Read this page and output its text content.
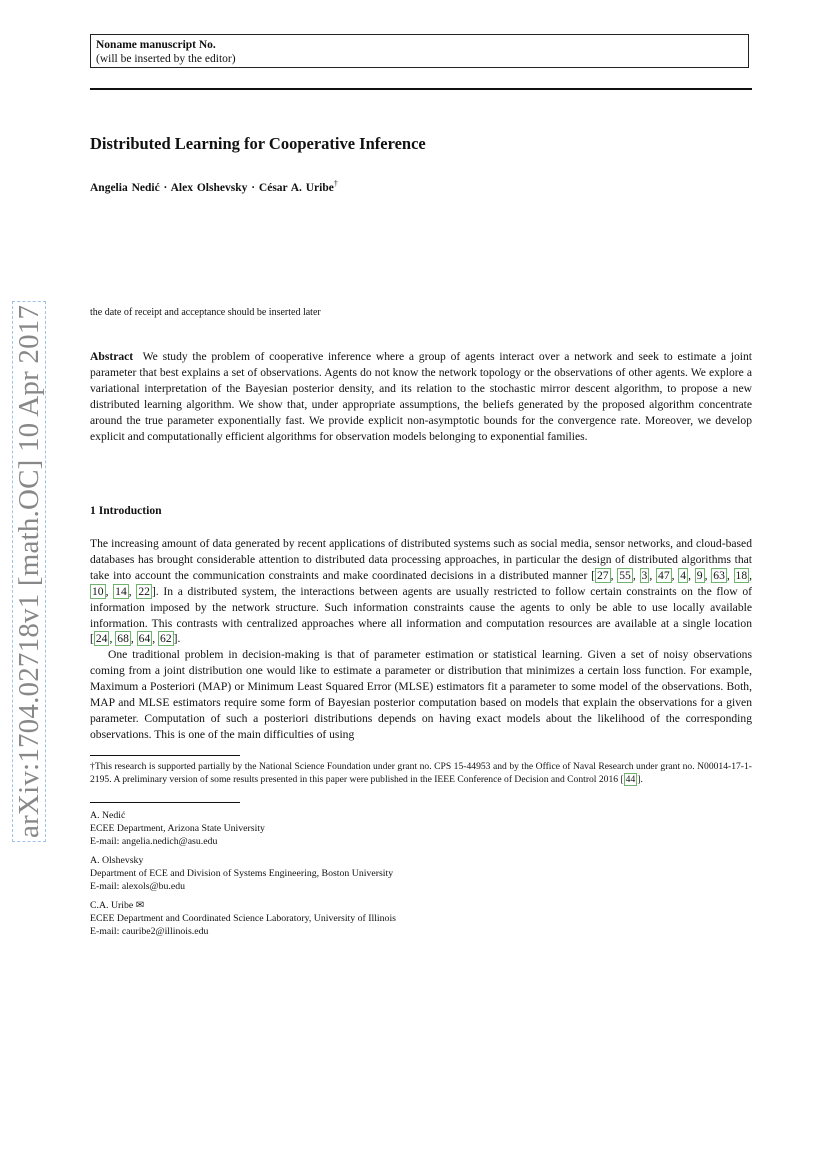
Noname manuscript No.
(will be inserted by the editor)
Distributed Learning for Cooperative Inference
Angelia Nedić · Alex Olshevsky · César A. Uribe†
arXiv:1704.02718v1 [math.OC] 10 Apr 2017	the date of receipt and acceptance should be inserted later

Abstract We study the problem of cooperative inference where a group of agents interact over a network and seek to estimate a joint parameter that best explains a set of observations. Agents do not know the network topology or the observations of other agents. We explore a variational interpretation of the Bayesian posterior density, and its relation to the stochastic mirror descent algorithm, to propose a new distributed learning algorithm. We show that, under appropriate assumptions, the beliefs generated by the proposed algorithm concentrate around the true parameter exponentially fast. We provide explicit non-asymptotic bounds for the convergence rate. Moreover, we develop explicit and computationally efficient algorithms for observation models belonging to exponential families.

1 Introduction

The increasing amount of data generated by recent applications of distributed systems such as social media, sensor networks, and cloud-based databases has brought considerable attention to distributed data processing approaches, in particular the design of distributed algorithms that take into account the communication constraints and make coordinated decisions in a distributed manner [ 27 , 55 , 3 , 47 , 4 , 9 , 63 , 18 , 10 , 14 , 22 ]. In a distributed system, the interactions between agents are usually restricted to follow certain constraints on the flow of information imposed by the network structure. Such information constraints cause the agents to only be able to use locally available information. This contrasts with centralized approaches where all information and computation resources are available at a single location [ 24 , 68 , 64 , 62 ].

One traditional problem in decision-making is that of parameter estimation or statistical learning. Given a set of noisy observations coming from a joint distribution one would like to estimate a parameter or distribution that minimizes a certain loss function. For example, Maximum a Posteriori (MAP) or Minimum Least Squared Error (MLSE) estimators fit a parameter to some model of the observations. Both, MAP and MLSE estimators require some form of Bayesian posterior computation based on models that explain the observations for a given parameter. Computation of such a posteriori distributions depends on having exact models about the likelihood of the corresponding observations. This is one of the main difficulties of using

†This research is supported partially by the National Science Foundation under grant no. CPS 15-44953 and by the Office of Naval Research under grant no. N00014-17-1-2195. A preliminary version of some results presented in this paper were published in the IEEE Conference of Decision and Control 2016 [ 44 ].
A. Nedić
ECEE Department, Arizona State University
E-mail: angelia.nedich@asu.edu
A. Olshevsky
Department of ECE and Division of Systems Engineering, Boston University
E-mail: alexols@bu.edu
C.A. Uribe ✉
ECEE Department and Coordinated Science Laboratory, University of Illinois
E-mail: cauribe2@illinois.edu
